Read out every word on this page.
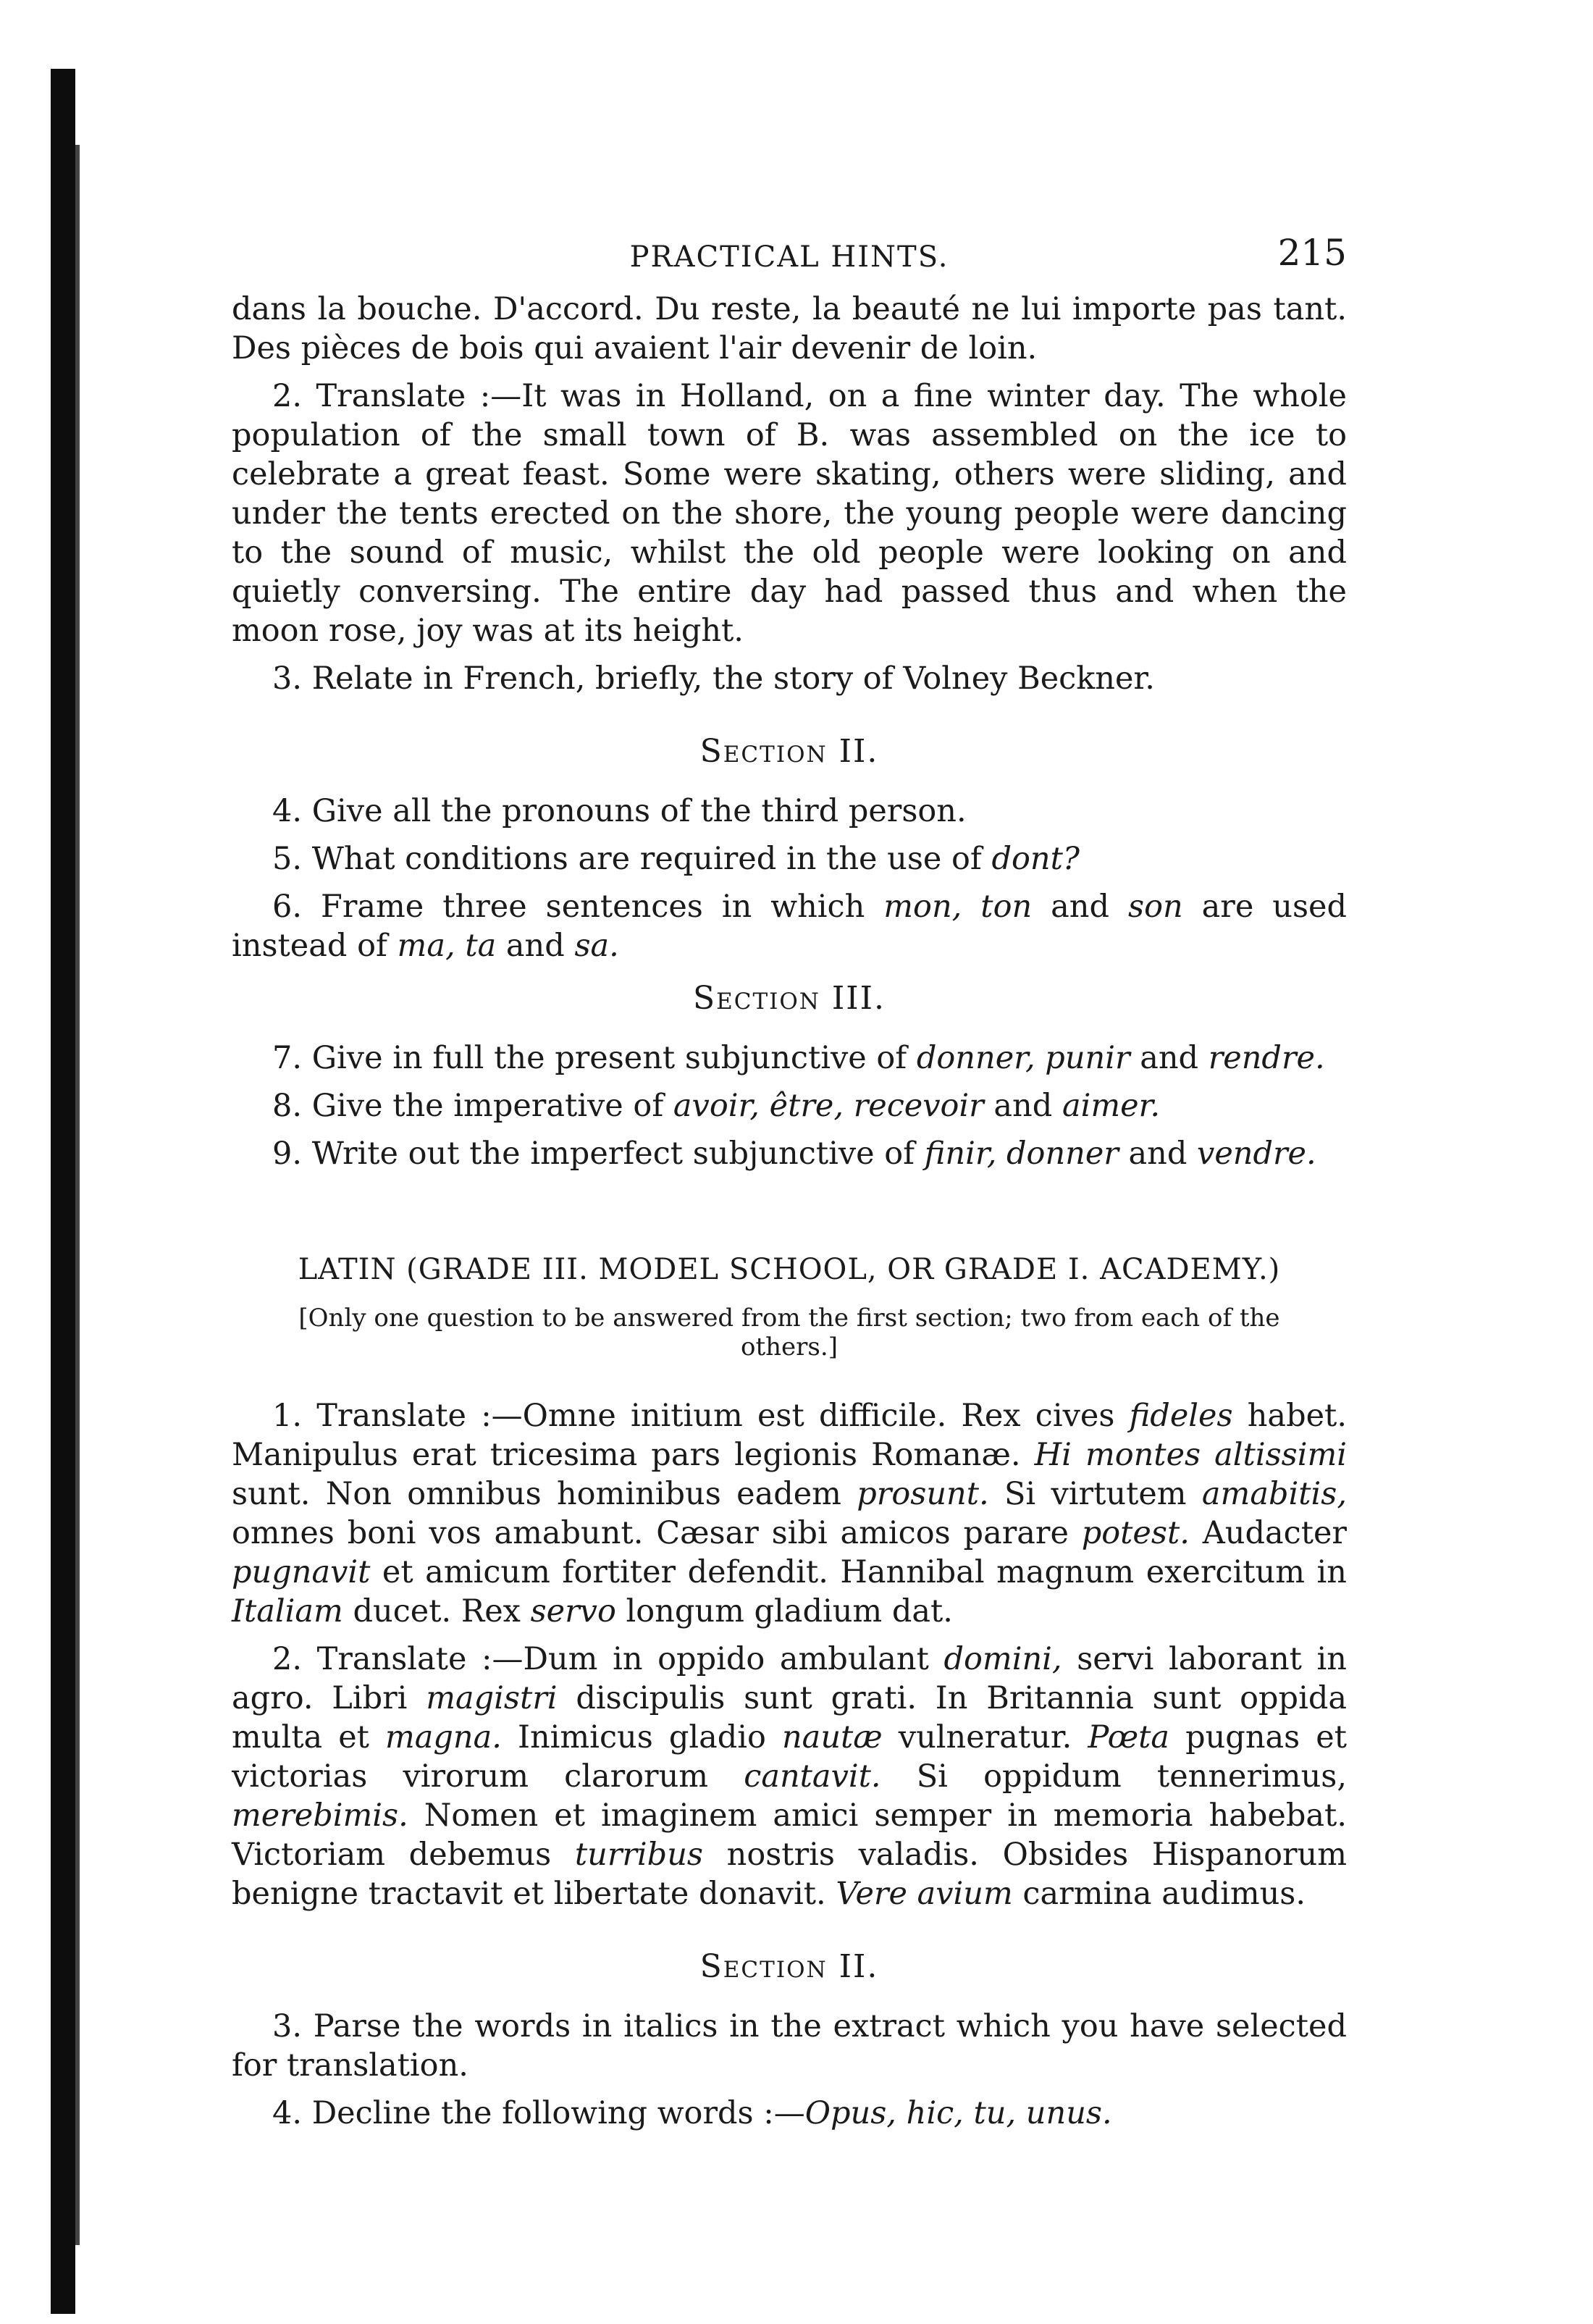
PRACTICAL HINTS.	215

dans la bouche. D'accord. Du reste, la beauté ne lui importe pas tant. Des pièces de bois qui avaient l'air devenir de loin.

2. Translate :—It was in Holland, on a fine winter day. The whole population of the small town of B. was assembled on the ice to celebrate a great feast. Some were skating, others were sliding, and under the tents erected on the shore, the young people were dancing to the sound of music, whilst the old people were looking on and quietly conversing. The entire day had passed thus and when the moon rose, joy was at its height.

3. Relate in French, briefly, the story of Volney Beckner.

Section II.

4. Give all the pronouns of the third person.

5. What conditions are required in the use of dont?

6. Frame three sentences in which mon, ton and son are used instead of ma, ta and sa.

Section III.

7. Give in full the present subjunctive of donner, punir and rendre.

8. Give the imperative of avoir, être, recevoir and aimer.

9. Write out the imperfect subjunctive of finir, donner and vendre.

LATIN (GRADE III. MODEL SCHOOL, OR GRADE I. ACADEMY.)
[Only one question to be answered from the first section; two from each of the others.]

1. Translate :—Omne initium est difficile. Rex cives fideles habet. Manipulus erat tricesima pars legionis Romanæ. Hi montes altissimi sunt. Non omnibus hominibus eadem prosunt. Si virtutem amabitis, omnes boni vos amabunt. Cæsar sibi amicos parare potest. Audacter pugnavit et amicum fortiter defendit. Hannibal magnum exercitum in Italiam ducet. Rex servo longum gladium dat.

2. Translate :—Dum in oppido ambulant domini, servi laborant in agro. Libri magistri discipulis sunt grati. In Britannia sunt oppida multa et magna. Inimicus gladio nautæ vulneratur. Pœta pugnas et victorias virorum clarorum cantavit. Si oppidum tennerimus, merebimis. Nomen et imaginem amici semper in memoria habebat. Victoriam debemus turribus nostris valadis. Obsides Hispanorum benigne tractavit et libertate donavit. Vere avium carmina audimus.

Section II.

3. Parse the words in italics in the extract which you have selected for translation.

4. Decline the following words :—Opus, hic, tu, unus.
